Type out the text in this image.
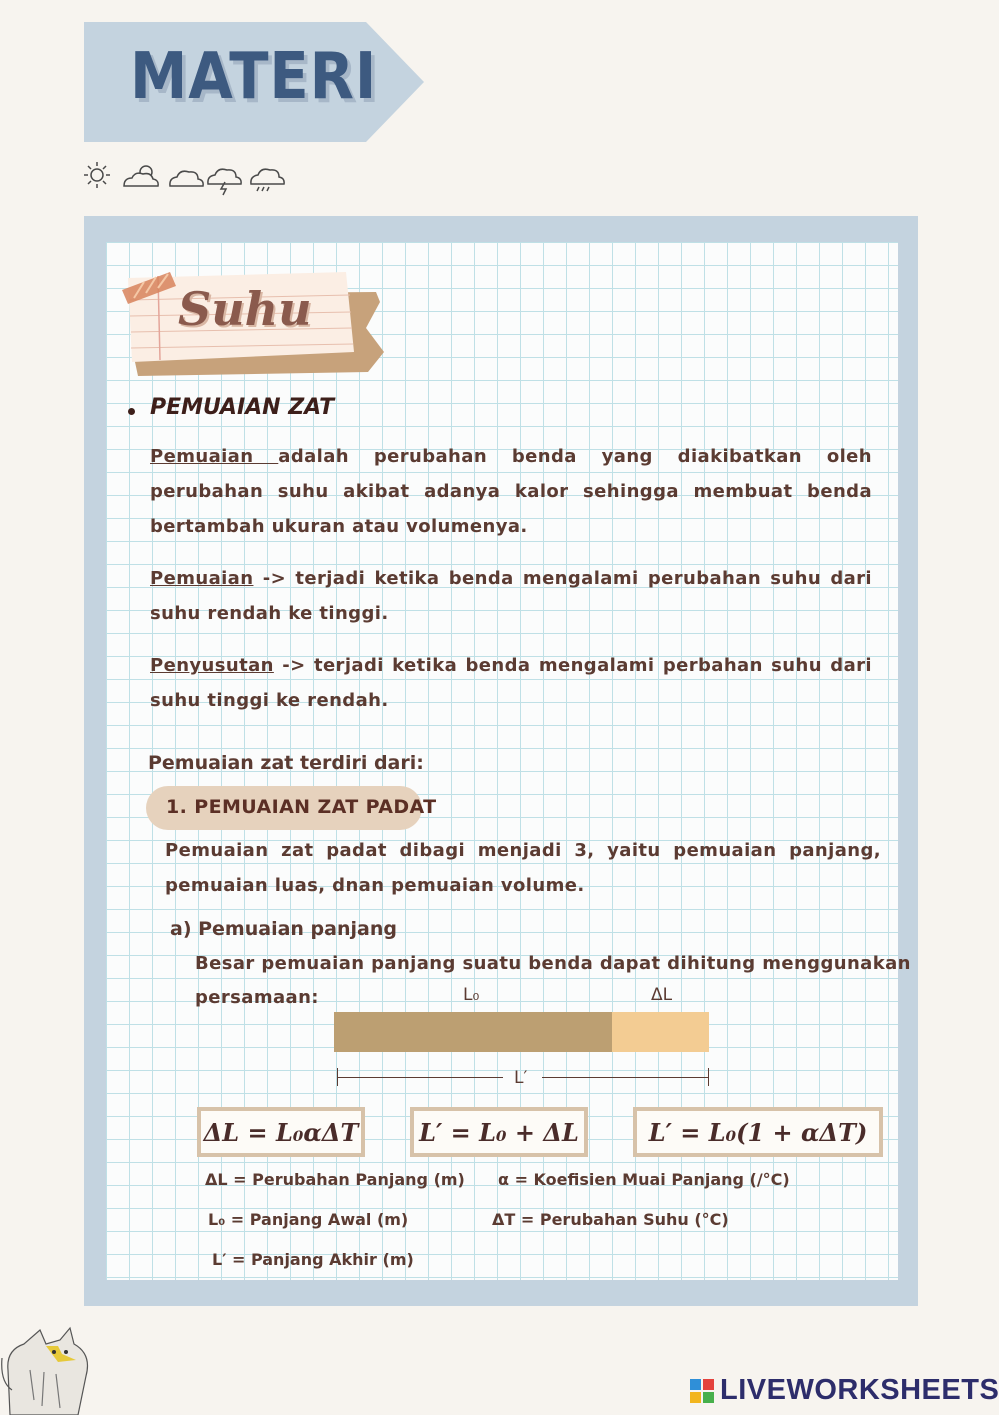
MATERI
Suhu
PEMUAIAN ZAT
Pemuaian adalah perubahan benda yang diakibatkan oleh perubahan suhu akibat adanya kalor sehingga membuat benda bertambah ukuran atau volumenya.
Pemuaian -> terjadi ketika benda mengalami perubahan suhu dari suhu rendah ke tinggi.
Penyusutan -> terjadi ketika benda mengalami perbahan suhu dari suhu tinggi ke rendah.
Pemuaian zat terdiri dari:
1. PEMUAIAN ZAT PADAT
Pemuaian zat padat dibagi menjadi 3, yaitu pemuaian panjang, pemuaian luas, dnan pemuaian volume.
a) Pemuaian panjang
Besar pemuaian panjang suatu benda dapat dihitung menggunakan
persamaan:	L₀	ΔL
L′
ΔL = L₀αΔT	L′ = L₀ + ΔL	L′ = L₀(1 + αΔT)
ΔL = Perubahan Panjang (m) α = Koefisien Muai Panjang (/°C)
L₀ = Panjang Awal (m)	ΔT = Perubahan Suhu (°C)
L′ = Panjang Akhir (m)
LIVEWORKSHEETS
